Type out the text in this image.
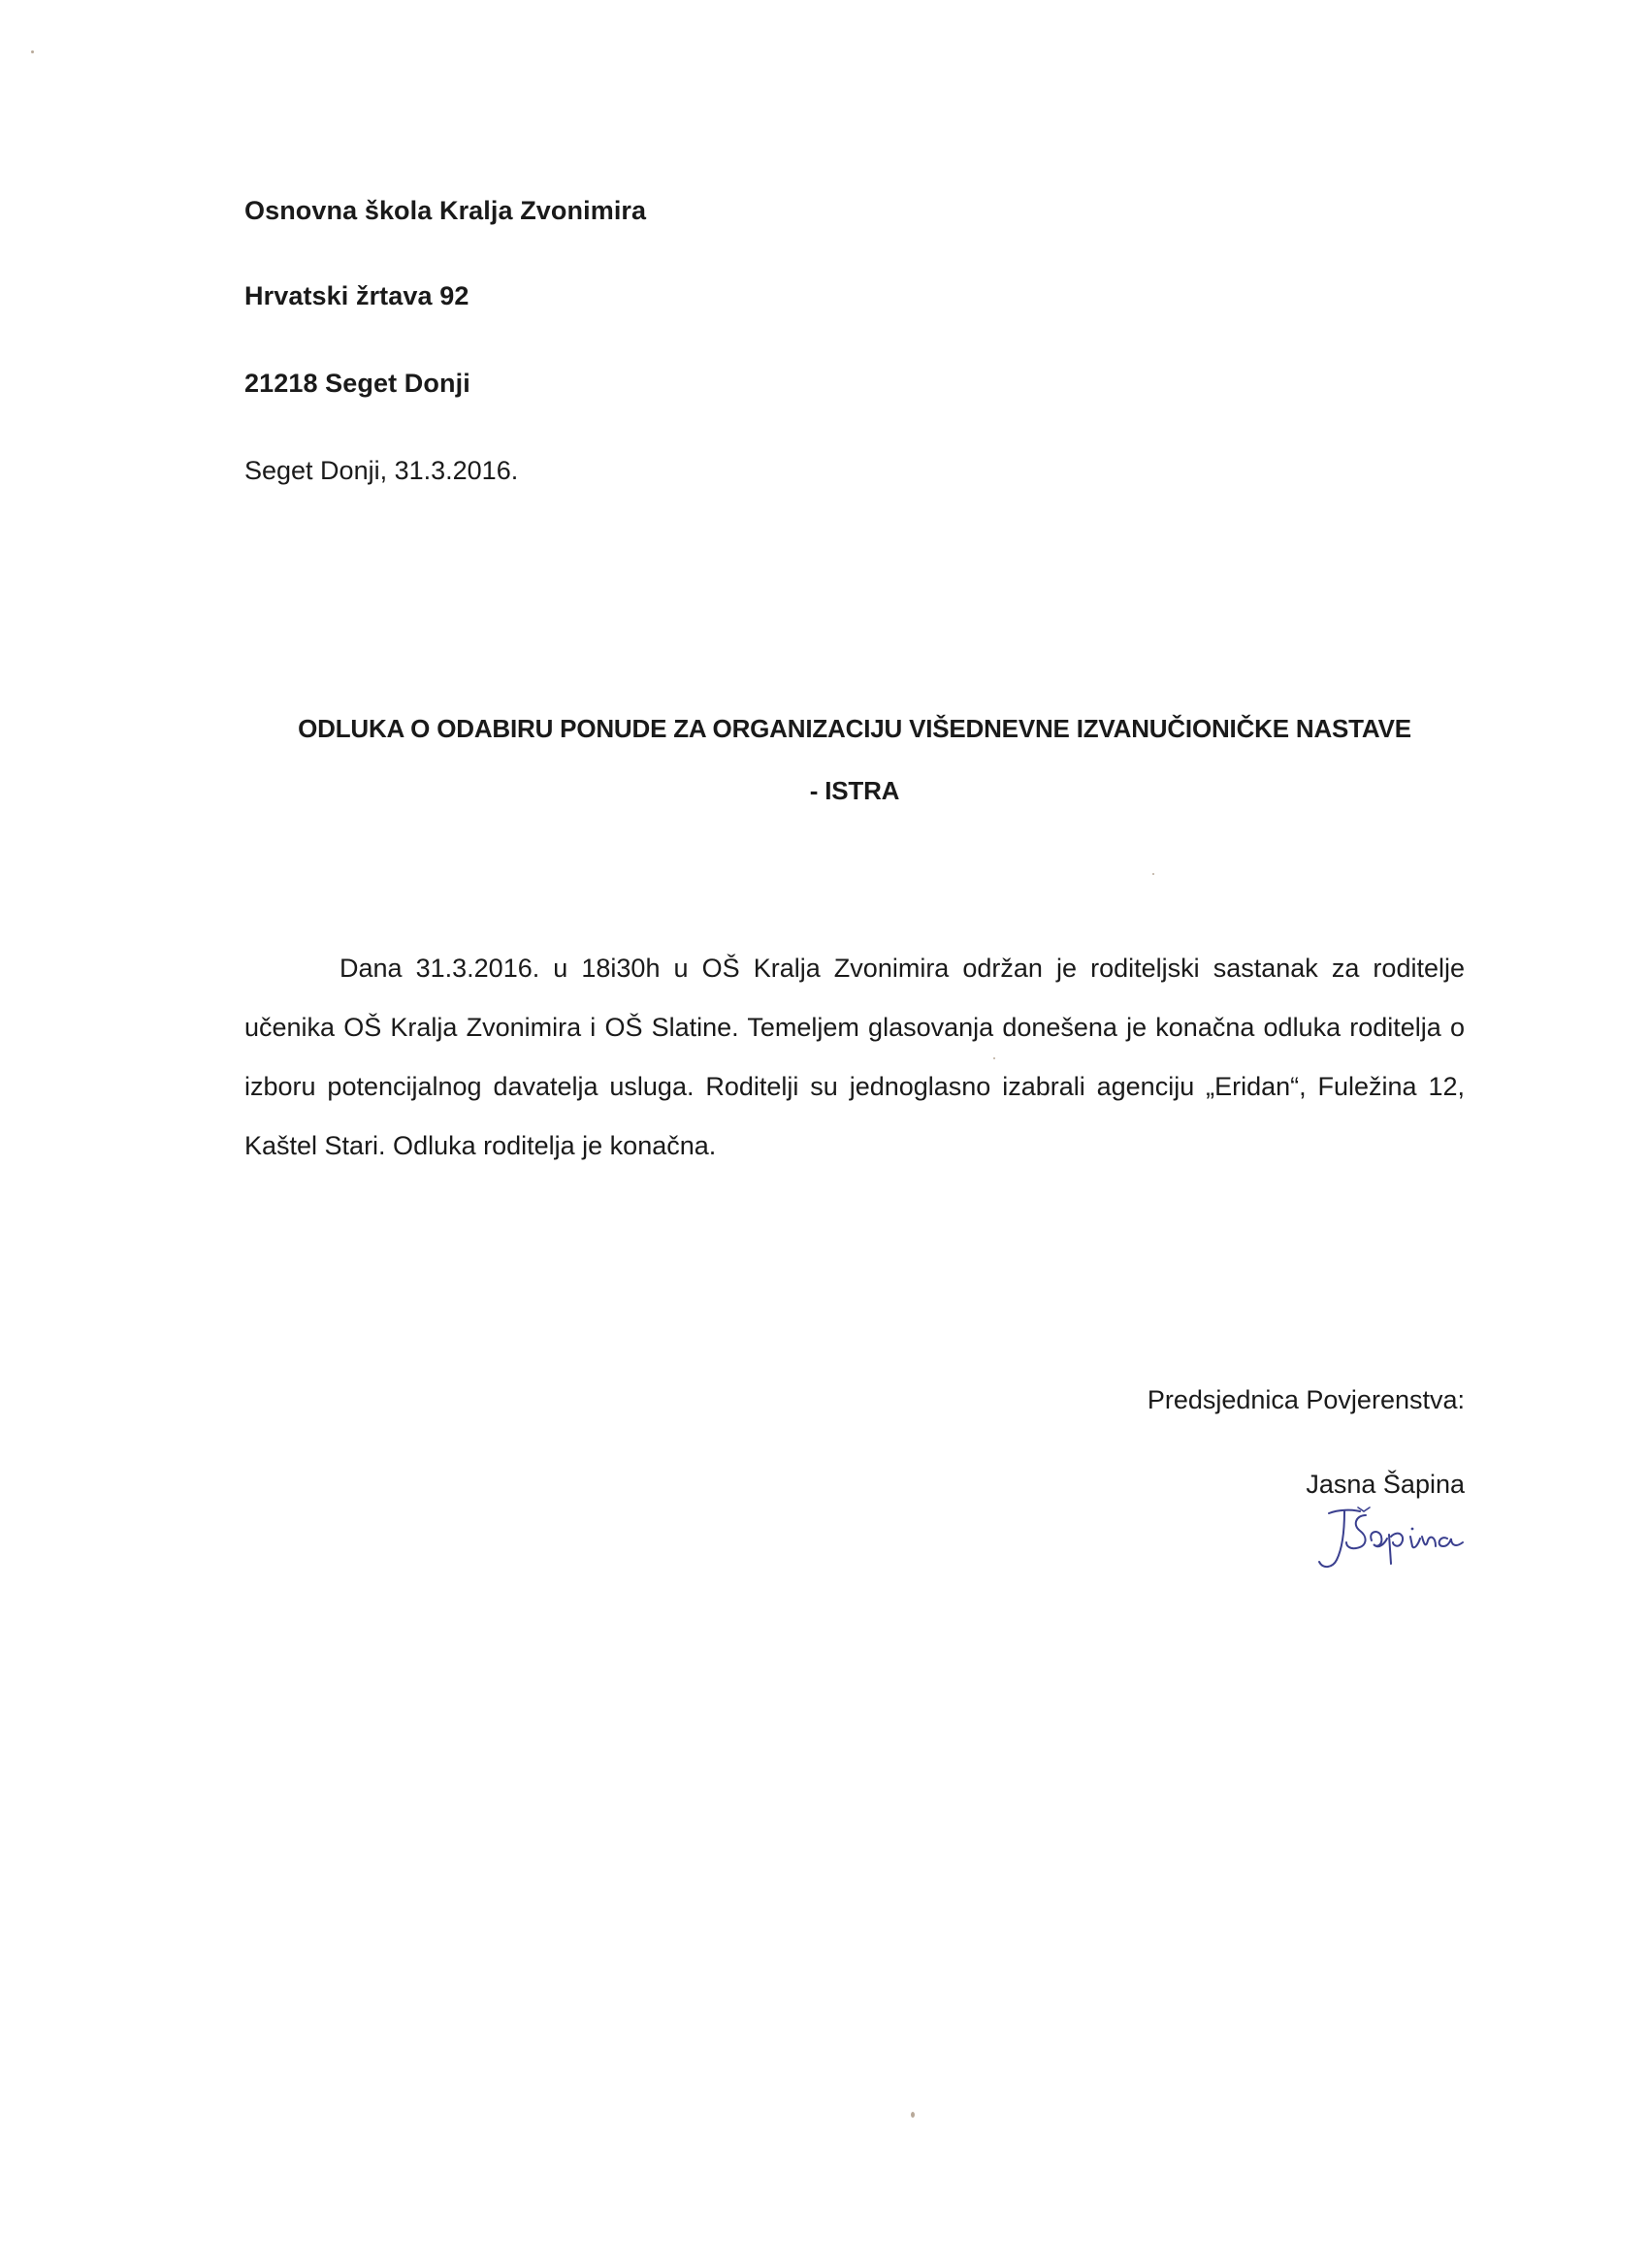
Osnovna škola Kralja Zvonimira
Hrvatski žrtava 92
21218 Seget Donji
Seget Donji, 31.3.2016.
ODLUKA O ODABIRU PONUDE ZA ORGANIZACIJU VIŠEDNEVNE IZVANUČIONIČKE NASTAVE
- ISTRA

Dana 31.3.2016. u 18i30h u OŠ Kralja Zvonimira održan je roditeljski sastanak za roditelje učenika OŠ Kralja Zvonimira i OŠ Slatine. Temeljem glasovanja donešena je konačna odluka roditelja o izboru potencijalnog davatelja usluga. Roditelji su jednoglasno izabrali agenciju „Eridan“, Fuležina 12, Kaštel Stari. Odluka roditelja je konačna.

Predsjednica Povjerenstva:
Jasna Šapina
